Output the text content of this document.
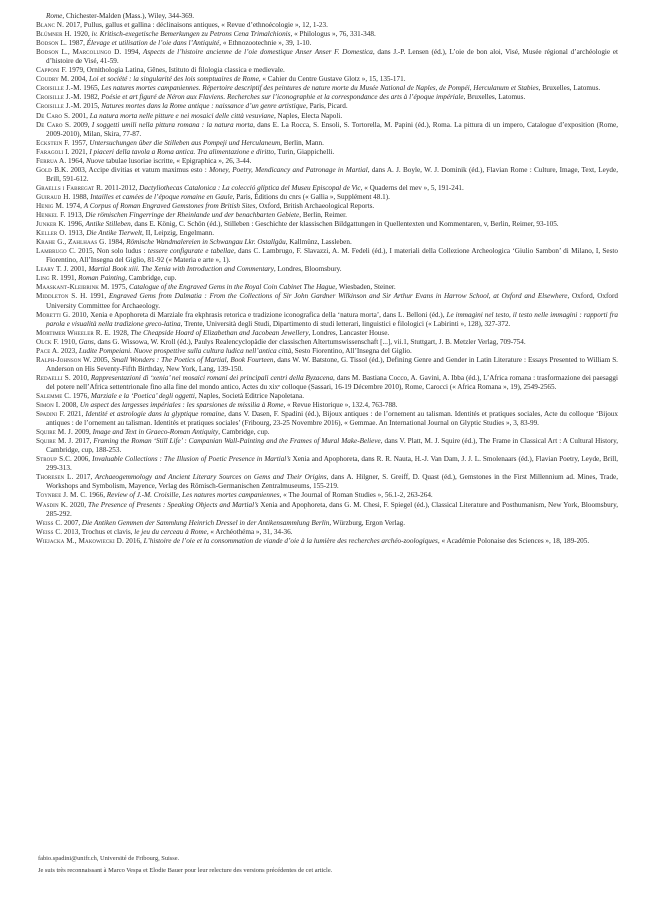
Rome, Chichester-Malden (Mass.), Wiley, 344-369.
Blanc N. 2017, Pullus, gallus et gallina : déclinaisons antiques, « Revue d’ethnoécologie », 12, 1-23.
Blümner H. 1920, iv. Kritisch-exegetische Bemerkungen zu Petrons Cena Trimalchionis, « Philologus », 76, 331-348.
Bodson L. 1987, Élevage et utilisation de l’oie dans l’Antiquité, « Ethnozootechnie », 39, 1-10.
Bodson L., Marcolungo D. 1994, Aspects de l’histoire ancienne de l’oie domestique Anser Anser F. Domestica, dans J.-P. Lensen (éd.), L’oie de bon aloi, Visé, Musée régional d’archéologie et d’histoire de Visé, 41-59.
Capponi F. 1979, Ornithologia Latina, Gênes, Istituto di filologia classica e medievale.
Coudry M. 2004, Loi et société : la singularité des lois somptuaires de Rome, « Cahier du Centre Gustave Glotz », 15, 135-171.
Croisille J.-M. 1965, Les natures mortes campaniennes. Répertoire descriptif des peintures de nature morte du Musée National de Naples, de Pompéi, Herculanum et Stabies, Bruxelles, Latomus.
Croisille J.-M. 1982, Poésie et art figuré de Néron aux Flaviens. Recherches sur l’iconographie et la correspondance des arts à l’époque impériale, Bruxelles, Latomus.
Croisille J.-M. 2015, Natures mortes dans la Rome antique : naissance d’un genre artistique, Paris, Picard.
De Caro S. 2001, La natura morta nelle pitture e nei mosaici delle città vesuviane, Naples, Electa Napoli.
De Caro S. 2009, I soggetti umili nella pittura romana : la natura morta, dans E. La Rocca, S. Ensoli, S. Tortorella, M. Papini (éd.), Roma. La pittura di un impero, Catalogue d’exposition (Rome, 2009-2010), Milan, Skira, 77-87.
Eckstein F. 1957, Untersuchungen über die Stilleben aus Pompeji und Herculaneum, Berlin, Mann.
Faragoli I. 2021, I piaceri della tavola a Roma antica. Tra alimentazione e diritto, Turin, Giappichelli.
Ferrua A. 1964, Nuove tabulae lusoriae iscritte, « Epigraphica », 26, 3-44.
Gold B.K. 2003, Accipe divitias et vatum maximus esto : Money, Poetry, Mendicancy and Patronage in Martial, dans A. J. Boyle, W. J. Dominik (éd.), Flavian Rome : Culture, Image, Text, Leyde, Brill, 591-612.
Graells i Fabregat R. 2011-2012, Dactyliothecas Catalonica : La colecció glíptica del Museu Episcopal de Vic, « Quaderns del mev », 5, 191-241.
Guiraud H. 1988, Intailles et camées de l’époque romaine en Gaule, Paris, Éditions du cnrs (« Gallia », Supplément 48.1).
Henig M. 1974, A Corpus of Roman Engraved Gemstones from British Sites, Oxford, British Archaeological Reports.
Henkel F. 1913, Die römischen Fingerringe der Rheinlande und der benachbarten Gebiete, Berlin, Reimer.
Junker K. 1996, Antike Stilleben, dans E. König, C. Schön (éd.), Stilleben : Geschichte der klassischen Bildgattungen in Quellentexten und Kommentaren, v, Berlin, Reimer, 93-105.
Keller O. 1913, Die Antike Tierwelt, II, Leipzig, Engelmann.
Krahe G., Zahlhaas G. 1984, Römische Wandmalereien in Schwangau Lkr. Ostallgäu, Kallmünz, Lassleben.
Lambrugo C. 2015, Non solo ludus : tessere configurate e tabellae, dans C. Lambrugo, F. Slavazzi, A. M. Fedeli (éd.), I materiali della Collezione Archeologica ‘Giulio Sambon’ di Milano, I, Sesto Fiorentino, All’Insegna del Giglio, 81-92 (« Materia e arte », 1).
Leary T. J. 2001, Martial Book xiii. The Xenia with Introduction and Commentary, Londres, Bloomsbury.
Ling R. 1991, Roman Painting, Cambridge, cup.
Maaskant-Kleibrink M. 1975, Catalogue of the Engraved Gems in the Royal Coin Cabinet The Hague, Wiesbaden, Steiner.
Middleton S. H. 1991, Engraved Gems from Dalmatia : From the Collections of Sir John Gardner Wilkinson and Sir Arthur Evans in Harrow School, at Oxford and Elsewhere, Oxford, Oxford University Committee for Archaeology.
Moretti G. 2010, Xenia e Apophoreta di Marziale fra ekphrasis retorica e tradizione iconografica della ‘natura morta’, dans L. Belloni (éd.), Le immagini nel testo, il testo nelle immagini : rapporti fra parola e visualità nella tradizione greco-latina, Trente, Università degli Studi, Dipartimento di studi letterari, linguistici e filologici (« Labirinti », 128), 327-372.
Mortimer Wheeler R. E. 1928, The Cheapside Hoard of Elizabethan and Jacobean Jewellery, Londres, Lancaster House.
Olck F. 1910, Gans, dans G. Wissowa, W. Kroll (éd.), Paulys Realencyclopädie der classischen Altertumswissenschaft [...], vii.1, Stuttgart, J. B. Metzler Verlag, 709-754.
Pace A. 2023, Ludite Pompeiani. Nuove prospettive sulla cultura ludica nell’antica città, Sesto Fiorentino, All’Insegna del Giglio.
Ralph-Johnson W. 2005, Small Wonders : The Poetics of Martial, Book Fourteen, dans W. W. Batstone, G. Tissol (éd.), Defining Genre and Gender in Latin Literature : Essays Presented to William S. Anderson on His Seventy-Fifth Birthday, New York, Lang, 139-150.
Redaelli S. 2010, Rappresentazioni di ‘xenia’ nei mosaici romani dei principali centri della Byzacena, dans M. Bastiana Cocco, A. Gavini, A. Ibba (éd.), L’Africa romana : trasformazione dei paesaggi del potere nell’Africa settentrionale fino alla fine del mondo antico, Actes du xixᵉ colloque (Sassari, 16-19 Décembre 2010), Rome, Carocci (« Africa Romana », 19), 2549-2565.
Salemme C. 1976, Marziale e la ‘Poetica’ degli oggetti, Naples, Società Editrice Napoletana.
Simon I. 2008, Un aspect des largesses impériales : les sparsiones de missilia à Rome, « Revue Historique », 132.4, 763-788.
Spadini F. 2021, Identité et astrologie dans la glyptique romaine, dans V. Dasen, F. Spadini (éd.), Bijoux antiques : de l’ornement au talisman. Identités et pratiques sociales, Acte du colloque ‘Bijoux antiques : de l’ornement au talisman. Identités et pratiques sociales’ (Fribourg, 23-25 Novembre 2016), « Gemmae. An International Journal on Glyptic Studies », 3, 83-99.
Squire M. J. 2009, Image and Text in Graeco-Roman Antiquity, Cambridge, cup.
Squire M. J. 2017, Framing the Roman ‘Still Life’ : Campanian Wall-Painting and the Frames of Mural Make-Believe, dans V. Platt, M. J. Squire (éd.), The Frame in Classical Art : A Cultural History, Cambridge, cup, 188-253.
Stroup S.C. 2006, Invaluable Collections : The Illusion of Poetic Presence in Martial’s Xenia and Apophoreta, dans R. R. Nauta, H.-J. Van Dam, J. J. L. Smolenaars (éd.), Flavian Poetry, Leyde, Brill, 299-313.
Thoresen L. 2017, Archaeogemmology and Ancient Literary Sources on Gems and Their Origins, dans A. Hilgner, S. Greiff, D. Quast (éd.), Gemstones in the First Millennium ad. Mines, Trade, Workshops and Symbolism, Mayence, Verlag des Römisch-Germanischen Zentralmuseums, 155-219.
Toynbee J. M. C. 1966, Review of J.-M. Croisille, Les natures mortes campaniennes, « The Journal of Roman Studies », 56.1-2, 263-264.
Wasdin K. 2020, The Presence of Presents : Speaking Objects and Martial’s Xenia and Apophoreta, dans G. M. Chesi, F. Spiegel (éd.), Classical Literature and Posthumanism, New York, Bloomsbury, 285-292.
Weiß C. 2007, Die Antiken Gemmen der Sammlung Heinrich Dressel in der Antikensammlung Berlin, Würzburg, Ergon Verlag.
Weiß C. 2013, Trochus et clavis, le jeu du cerceau à Rome, « Archéothéma », 31, 34-36.
Wiejacka M., Makowiecki D. 2016, L’histoire de l’oie et la consommation de viande d’oie à la lumière des recherches archéo-zoologiques, « Académie Polonaise des Sciences », 18, 189-205.
fabio.spadini@unifr.ch, Université de Fribourg, Suisse.
Je suis très reconnaissant à Marco Vespa et Elodie Bauer pour leur relecture des versions précédentes de cet article.
